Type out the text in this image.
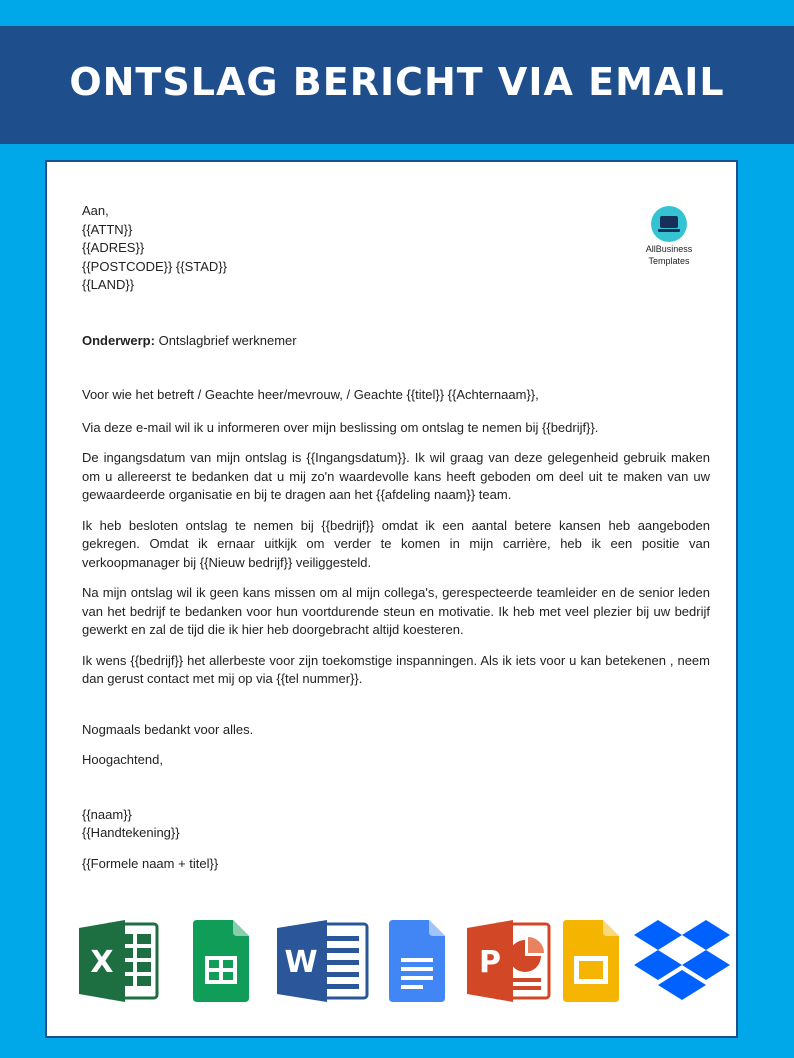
ONTSLAG BERICHT VIA EMAIL
AllBusiness
Templates
Aan,
{{ATTN}}
{{ADRES}}
{{POSTCODE}} {{STAD}}
{{LAND}}
Onderwerp: Ontslagbrief werknemer
Voor wie het betreft / Geachte heer/mevrouw, / Geachte {{titel}} {{Achternaam}},

Via deze e-mail wil ik u informeren over mijn beslissing om ontslag te nemen bij {{bedrijf}}.

De ingangsdatum van mijn ontslag is {{Ingangsdatum}}. Ik wil graag van deze gelegenheid gebruik maken om u allereerst te bedanken dat u mij zo'n waardevolle kans heeft geboden om deel uit te maken van uw gewaardeerde organisatie en bij te dragen aan het {{afdeling naam}} team.

Ik heb besloten ontslag te nemen bij {{bedrijf}} omdat ik een aantal betere kansen heb aangeboden gekregen. Omdat ik ernaar uitkijk om verder te komen in mijn carrière, heb ik een positie van verkoopmanager bij {{Nieuw bedrijf}} veiliggesteld.

Na mijn ontslag wil ik geen kans missen om al mijn collega's, gerespecteerde teamleider en de senior leden van het bedrijf te bedanken voor hun voortdurende steun en motivatie. Ik heb met veel plezier bij uw bedrijf gewerkt en zal de tijd die ik hier heb doorgebracht altijd koesteren.

Ik wens {{bedrijf}} het allerbeste voor zijn toekomstige inspanningen. Als ik iets voor u kan betekenen , neem dan gerust contact met mij op via {{tel nummer}}.

Nogmaals bedankt voor alles.
Hoogachtend,
{{naam}}
{{Handtekening}}
{{Formele naam + titel}}
X	W	P
